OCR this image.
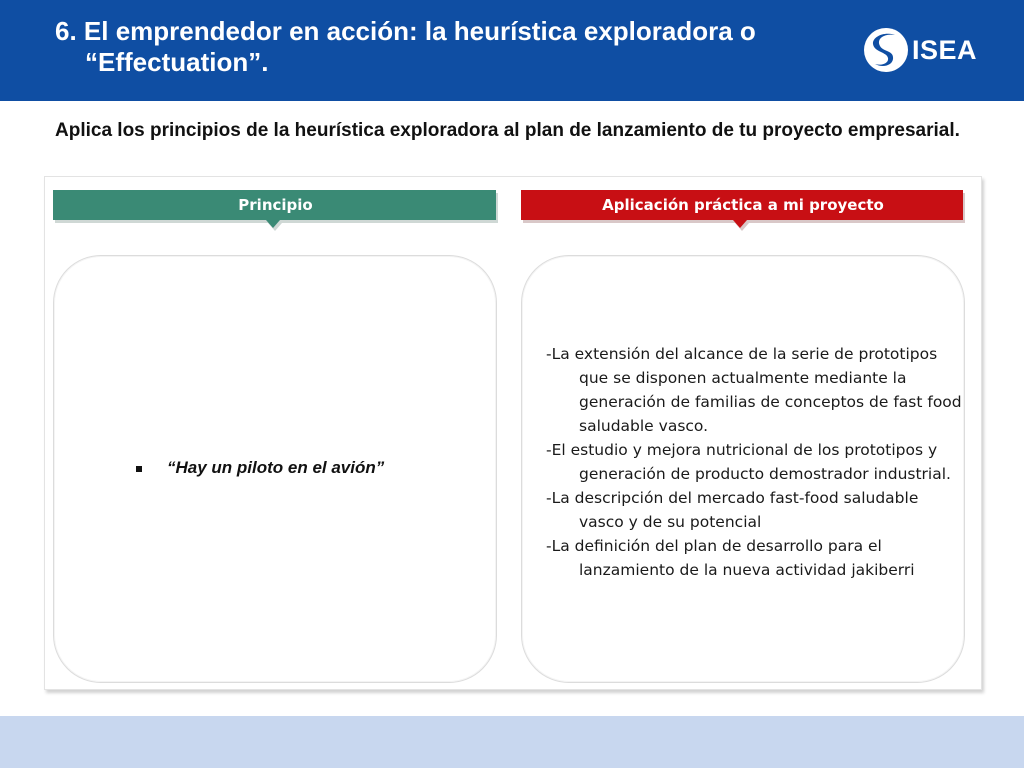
6. El emprendedor en acción: la heurística exploradora o
“Effectuation”.	ISEA
Aplica los principios de la heurística exploradora al plan de lanzamiento de tu proyecto empresarial.
Principio	Aplicación práctica a mi proyecto
“Hay un piloto en el avión”
-La extensión del alcance de la serie de prototipos que se disponen actualmente mediante la generación de familias de conceptos de fast food saludable vasco.
-El estudio y mejora nutricional de los prototipos y generación de producto demostrador industrial.
-La descripción del mercado fast-food saludable vasco y de su potencial
-La definición del plan de desarrollo para el lanzamiento de la nueva actividad jakiberri
